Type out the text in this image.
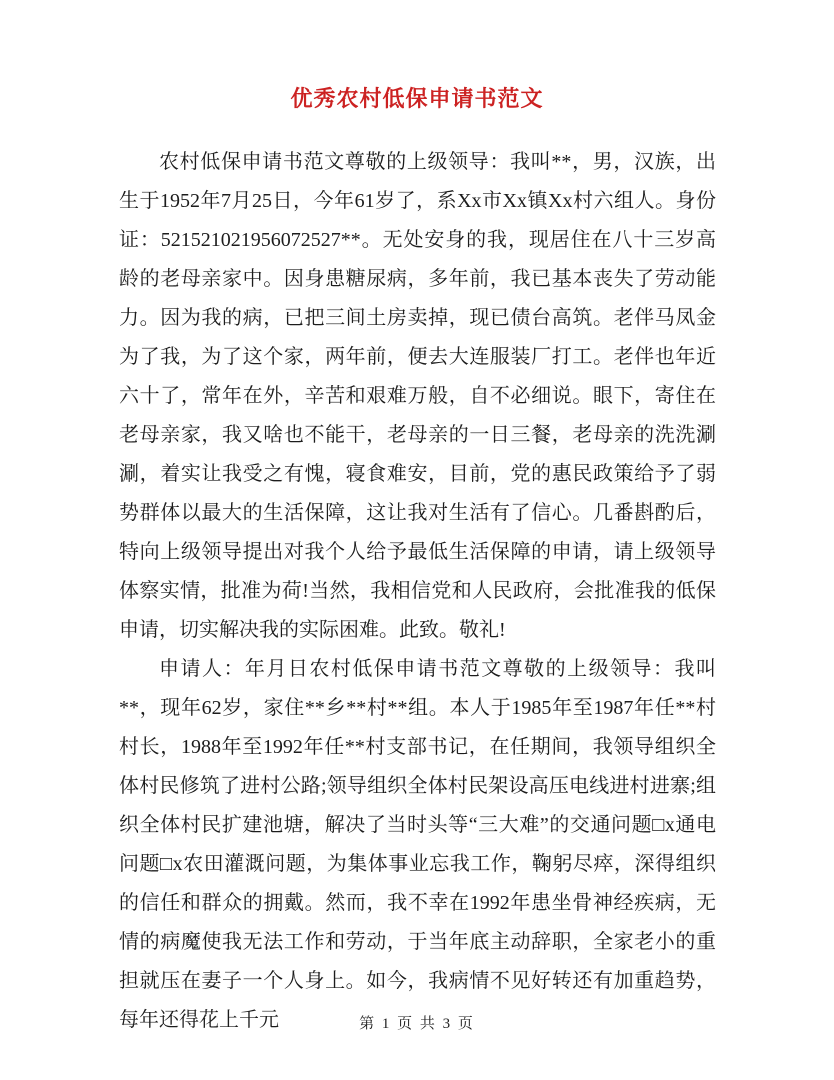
优秀农村低保申请书范文

农村低保申请书范文尊敬的上级领导：我叫**，男，汉族，出生于1952年7月25日，今年61岁了，系Xx市Xx镇Xx村六组人。身份证：521521021956072527**。无处安身的我，现居住在八十三岁高龄的老母亲家中。因身患糖尿病，多年前，我已基本丧失了劳动能力。因为我的病，已把三间土房卖掉，现已债台高筑。老伴马凤金为了我，为了这个家，两年前，便去大连服装厂打工。老伴也年近六十了，常年在外，辛苦和艰难万般，自不必细说。眼下，寄住在老母亲家，我又啥也不能干，老母亲的一日三餐，老母亲的洗洗涮涮，着实让我受之有愧，寝食难安，目前，党的惠民政策给予了弱势群体以最大的生活保障，这让我对生活有了信心。几番斟酌后，特向上级领导提出对我个人给予最低生活保障的申请，请上级领导体察实情，批准为荷!当然，我相信党和人民政府，会批准我的低保申请，切实解决我的实际困难。此致。敬礼!

申请人：年月日农村低保申请书范文尊敬的上级领导：我叫**，现年62岁，家住**乡**村**组。本人于1985年至1987年任**村村长，1988年至1992年任**村支部书记，在任期间，我领导组织全体村民修筑了进村公路;领导组织全体村民架设高压电线进村进寨;组织全体村民扩建池塘，解决了当时头等“三大难”的交通问题□x通电问题□x农田灌溉问题，为集体事业忘我工作，鞠躬尽瘁，深得组织的信任和群众的拥戴。然而，我不幸在1992年患坐骨神经疾病，无情的病魔使我无法工作和劳动，于当年底主动辞职，全家老小的重担就压在妻子一个人身上。如今，我病情不见好转还有加重趋势，每年还得花上千元	第 1 页 共 3 页
